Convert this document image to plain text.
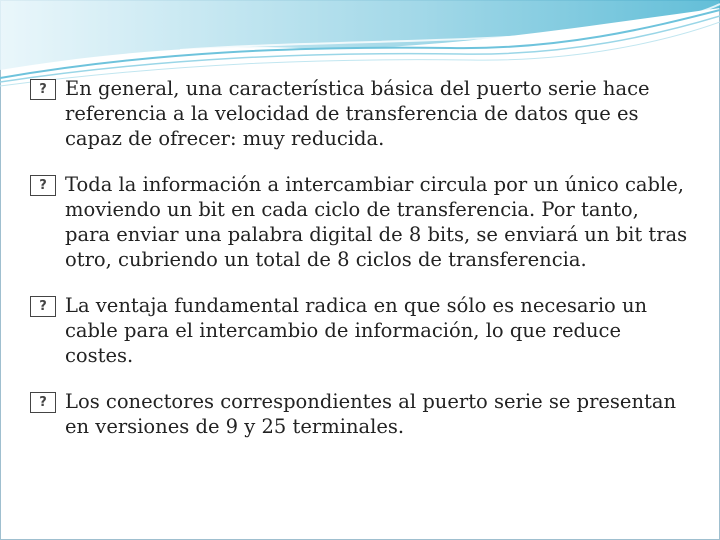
?
En general, una característica básica del puerto serie hace referencia a la velocidad de transferencia de datos que es capaz de ofrecer: muy reducida.
?
Toda la información a intercambiar circula por un único cable, moviendo un bit en cada ciclo de transferencia. Por tanto, para enviar una palabra digital de 8 bits, se enviará un bit tras otro, cubriendo un total de 8 ciclos de transferencia.
?
La ventaja fundamental radica en que sólo es necesario un cable para el intercambio de información, lo que reduce costes.
?
Los conectores correspondientes al puerto serie se presentan en versiones de 9 y 25 terminales.
